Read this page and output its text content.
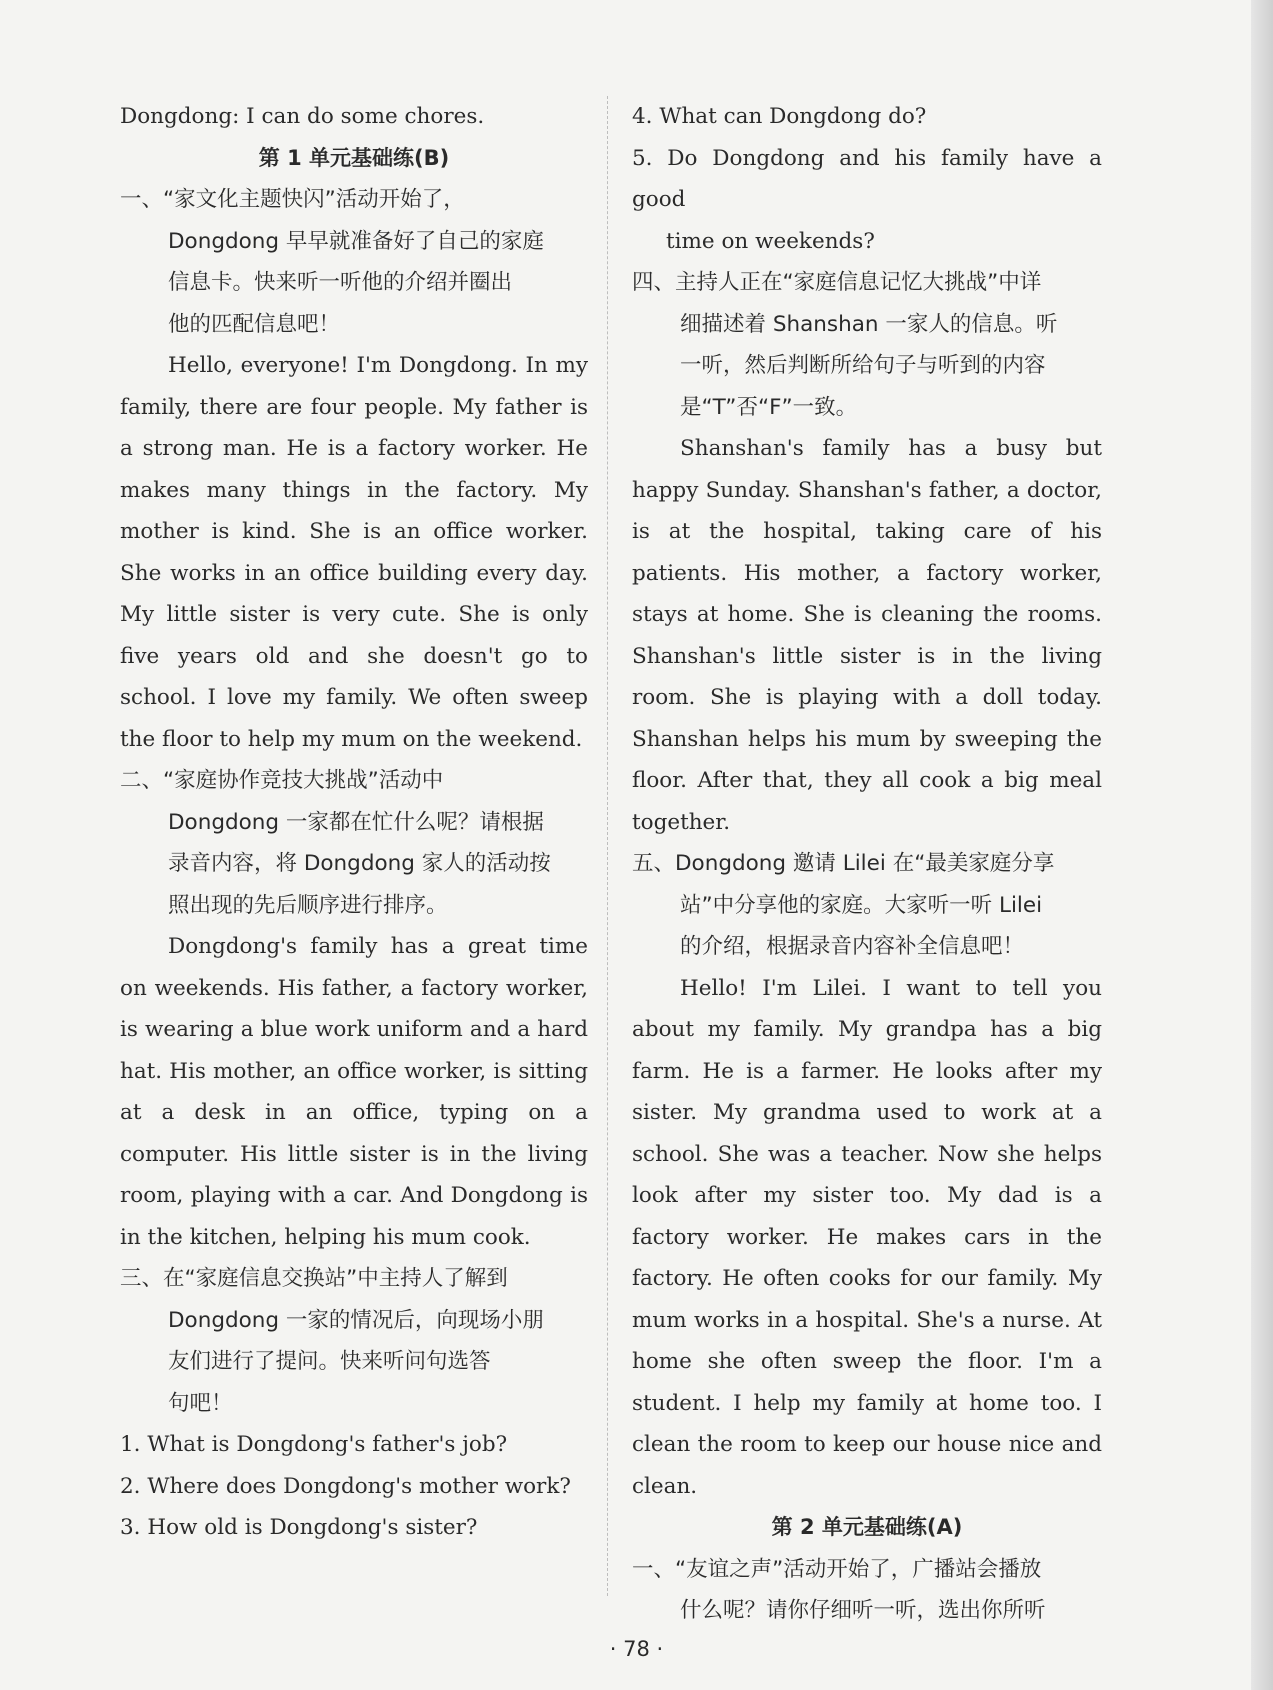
Dongdong: I can do some chores.

第 1 单元基础练(B)

一、“家文化主题快闪”活动开始了，
Dongdong 早早就准备好了自己的家庭
信息卡。快来听一听他的介绍并圈出
他的匹配信息吧！

Hello, everyone! I'm Dongdong. In my family, there are four people. My father is a strong man. He is a factory worker. He makes many things in the factory. My mother is kind. She is an office worker. She works in an office building every day. My little sister is very cute. She is only five years old and she doesn't go to school. I love my family. We often sweep the floor to help my mum on the weekend.

二、“家庭协作竞技大挑战”活动中
Dongdong 一家都在忙什么呢？请根据
录音内容，将 Dongdong 家人的活动按
照出现的先后顺序进行排序。

Dongdong's family has a great time on weekends. His father, a factory worker, is wearing a blue work uniform and a hard hat. His mother, an office worker, is sitting at a desk in an office, typing on a computer. His little sister is in the living room, playing with a car. And Dongdong is in the kitchen, helping his mum cook.

三、在“家庭信息交换站”中主持人了解到
Dongdong 一家的情况后，向现场小朋
友们进行了提问。快来听问句选答
句吧！
1. What is Dongdong's father's job?
2. Where does Dongdong's mother work?
3. How old is Dongdong's sister?
4. What can Dongdong do?
5. Do Dongdong and his family have a good
time on weekends?
四、主持人正在“家庭信息记忆大挑战”中详
细描述着 Shanshan 一家人的信息。听
一听，然后判断所给句子与听到的内容
是“T”否“F”一致。

Shanshan's family has a busy but happy Sunday. Shanshan's father, a doctor, is at the hospital, taking care of his patients. His mother, a factory worker, stays at home. She is cleaning the rooms. Shanshan's little sister is in the living room. She is playing with a doll today. Shanshan helps his mum by sweeping the floor. After that, they all cook a big meal together.

五、Dongdong 邀请 Lilei 在“最美家庭分享
站”中分享他的家庭。大家听一听 Lilei
的介绍，根据录音内容补全信息吧！

Hello! I'm Lilei. I want to tell you about my family. My grandpa has a big farm. He is a farmer. He looks after my sister. My grandma used to work at a school. She was a teacher. Now she helps look after my sister too. My dad is a factory worker. He makes cars in the factory. He often cooks for our family. My mum works in a hospital. She's a nurse. At home she often sweep the floor. I'm a student. I help my family at home too. I clean the room to keep our house nice and clean.

第 2 单元基础练(A)

一、“友谊之声”活动开始了，广播站会播放
什么呢？请你仔细听一听，选出你所听
· 78 ·
